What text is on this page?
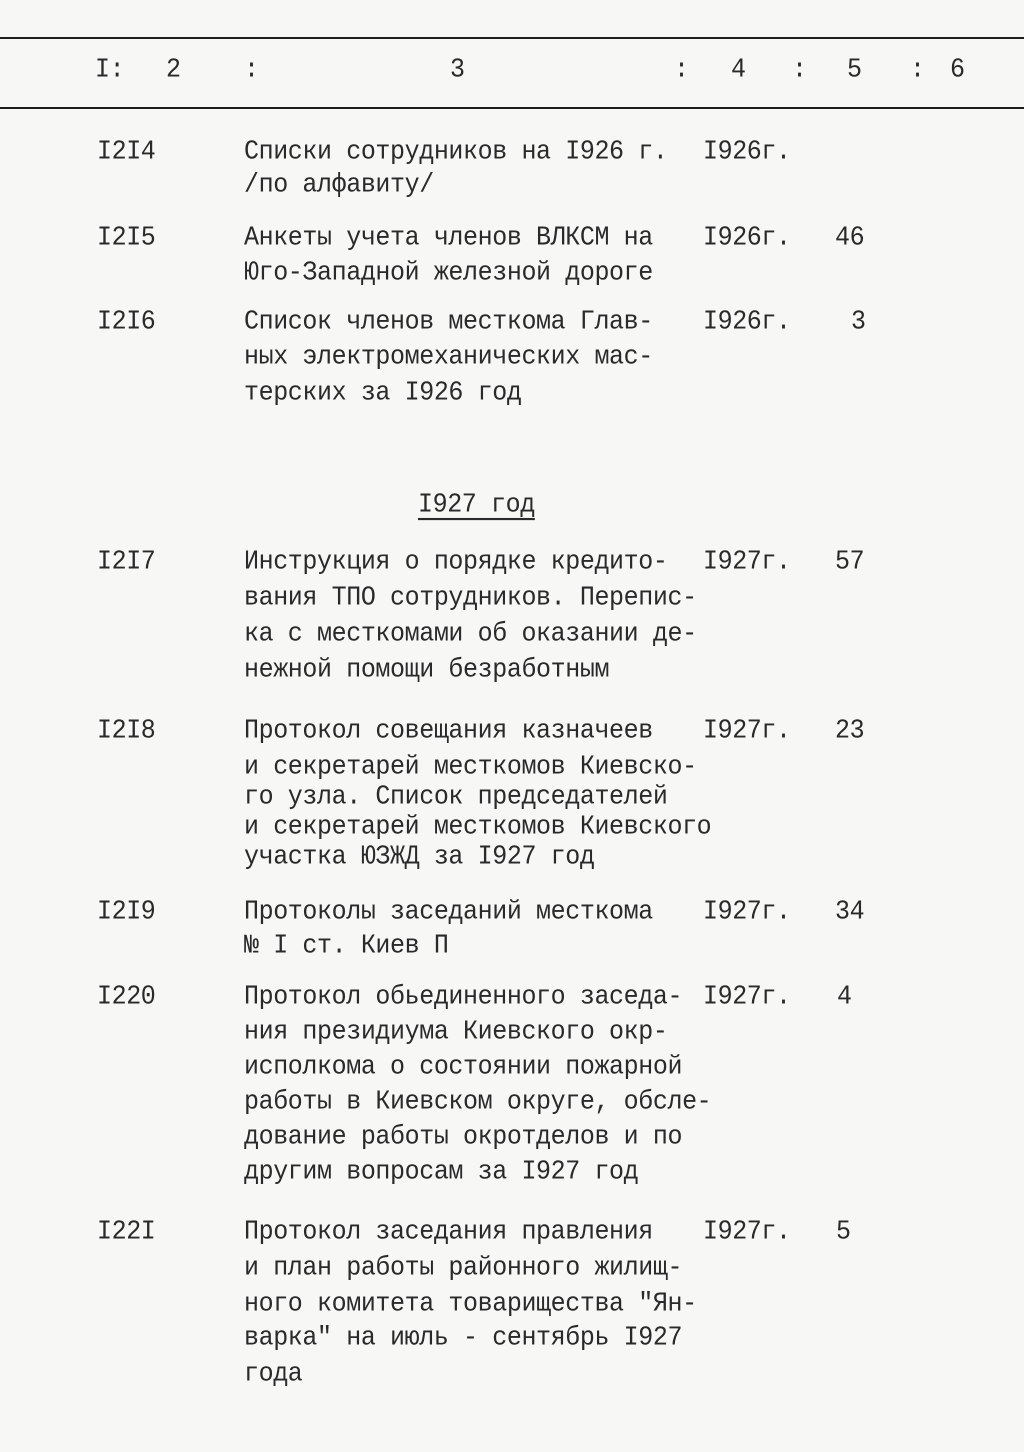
I: 2	:	3	: 4 : 5 : 6
I2I4	Списки сотрудников на I926 г.
/по алфавиту/
I926г.
I2I5	Анкеты учета членов ВЛКСМ на
Юго-Западной железной дороге
I926г. 46
I2I6	Список членов месткома Глав-
ных электромеханических мас-
терских за I926 год
I926г. 3
I927 год
I2I7	Инструкция о порядке кредито-
вания ТПО сотрудников. Перепис-
ка с месткомами об оказании де-
нежной помощи безработным
I927г. 57
I2I8	Протокол совещания казначеев
и секретарей месткомов Киевско-
го узла. Список председателей
и секретарей месткомов Киевского
участка ЮЗЖД за I927 год
I927г. 23
I2I9	Протоколы заседаний месткома
№ I ст. Киев П
I927г. 34
I220	Протокол обьединенного заседа-
ния президиума Киевского окр-
исполкома о состоянии пожарной
работы в Киевском округе, обсле-
дование работы окротделов и по
другим вопросам за I927 год
I927г. 4
I22I	Протокол заседания правления
и план работы районного жилищ-
ного комитета товарищества "Ян-
варка" на июль - сентябрь I927
года
I927г. 5
